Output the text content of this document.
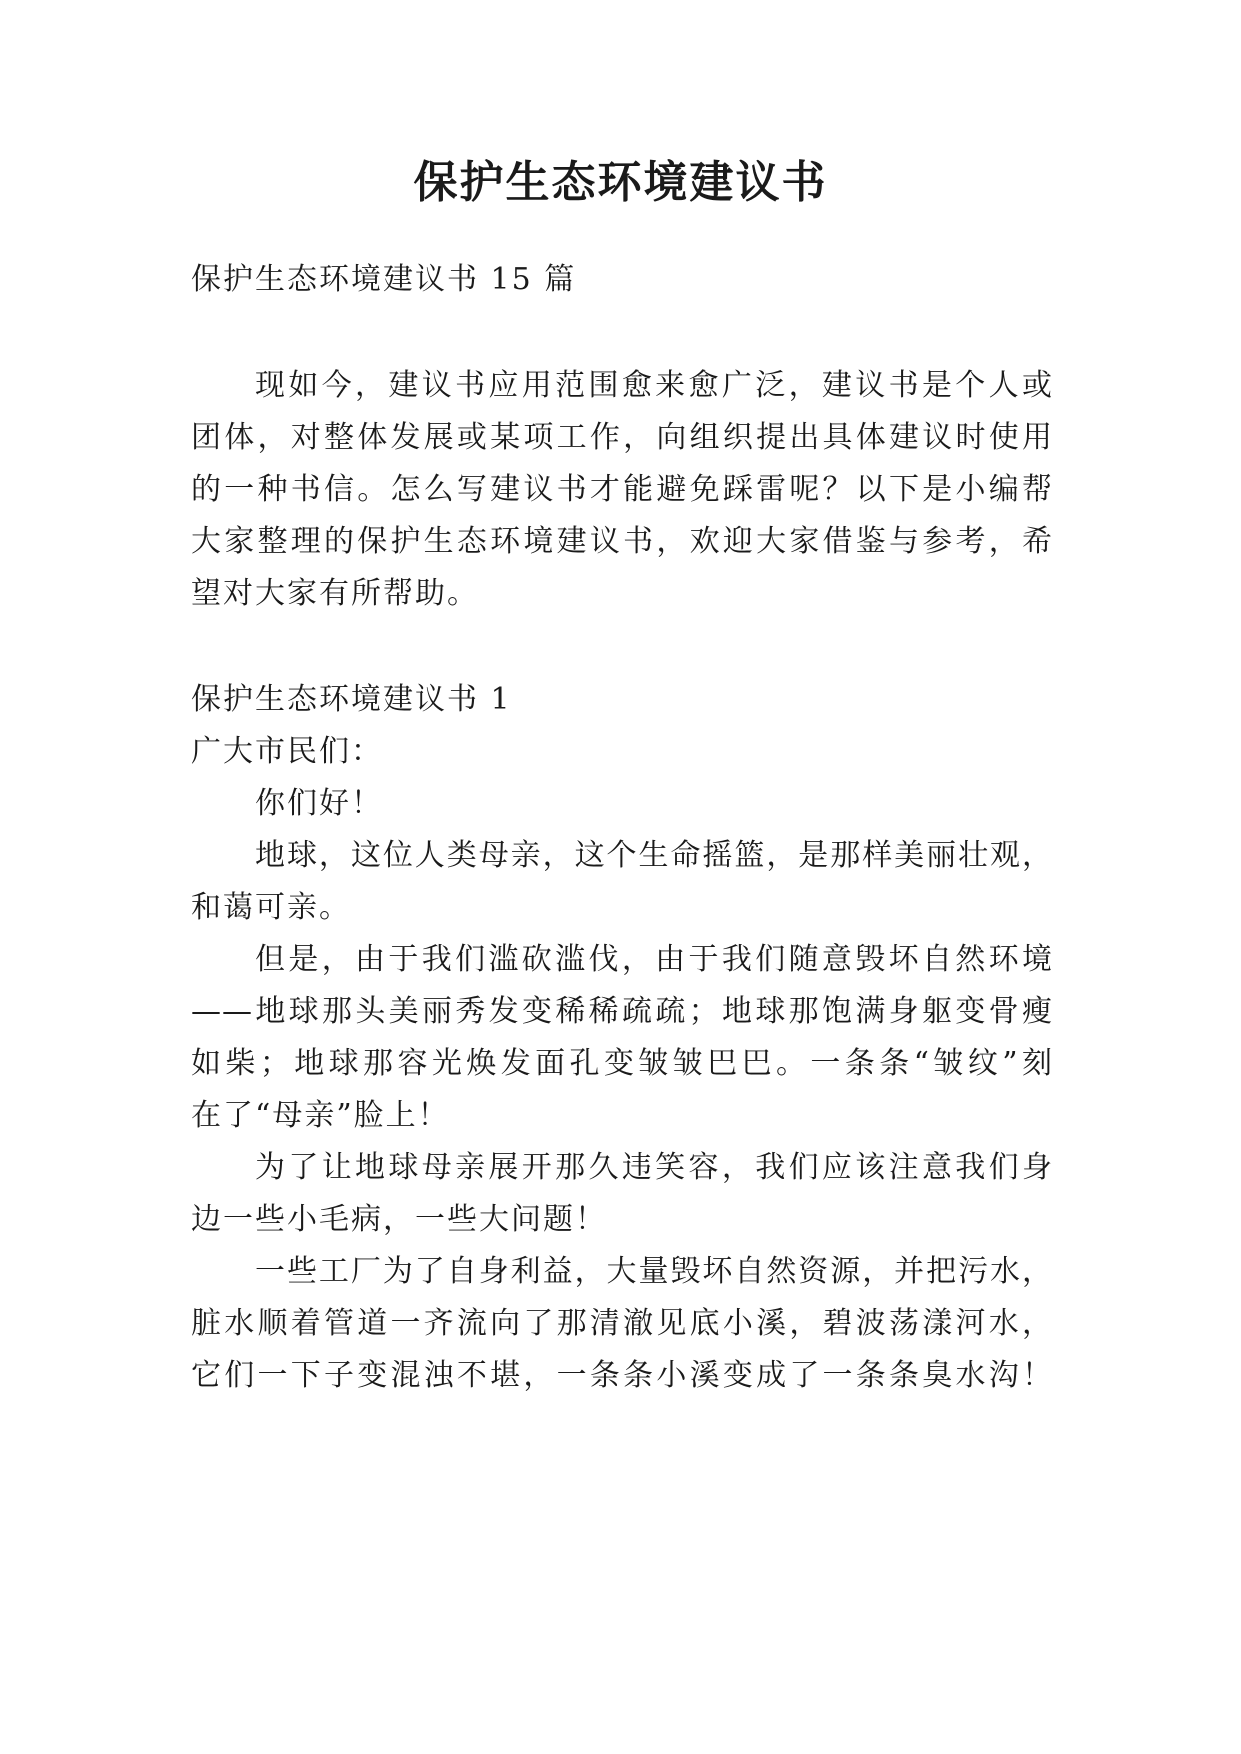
保护生态环境建议书

保护生态环境建议书 15 篇

现如今，建议书应用范围愈来愈广泛，建议书是个人或

团体，对整体发展或某项工作，向组织提出具体建议时使用

的一种书信。怎么写建议书才能避免踩雷呢？以下是小编帮

大家整理的保护生态环境建议书，欢迎大家借鉴与参考，希

望对大家有所帮助。

保护生态环境建议书 1

广大市民们：

你们好！

地球，这位人类母亲，这个生命摇篮，是那样美丽壮观，

和蔼可亲。

但是，由于我们滥砍滥伐，由于我们随意毁坏自然环境

——地球那头美丽秀发变稀稀疏疏；地球那饱满身躯变骨瘦

如柴；地球那容光焕发面孔变皱皱巴巴。一条条“皱纹”刻

在了“母亲”脸上！

为了让地球母亲展开那久违笑容，我们应该注意我们身

边一些小毛病，一些大问题！

一些工厂为了自身利益，大量毁坏自然资源，并把污水，

脏水顺着管道一齐流向了那清澈见底小溪，碧波荡漾河水，

它们一下子变混浊不堪，一条条小溪变成了一条条臭水沟！
